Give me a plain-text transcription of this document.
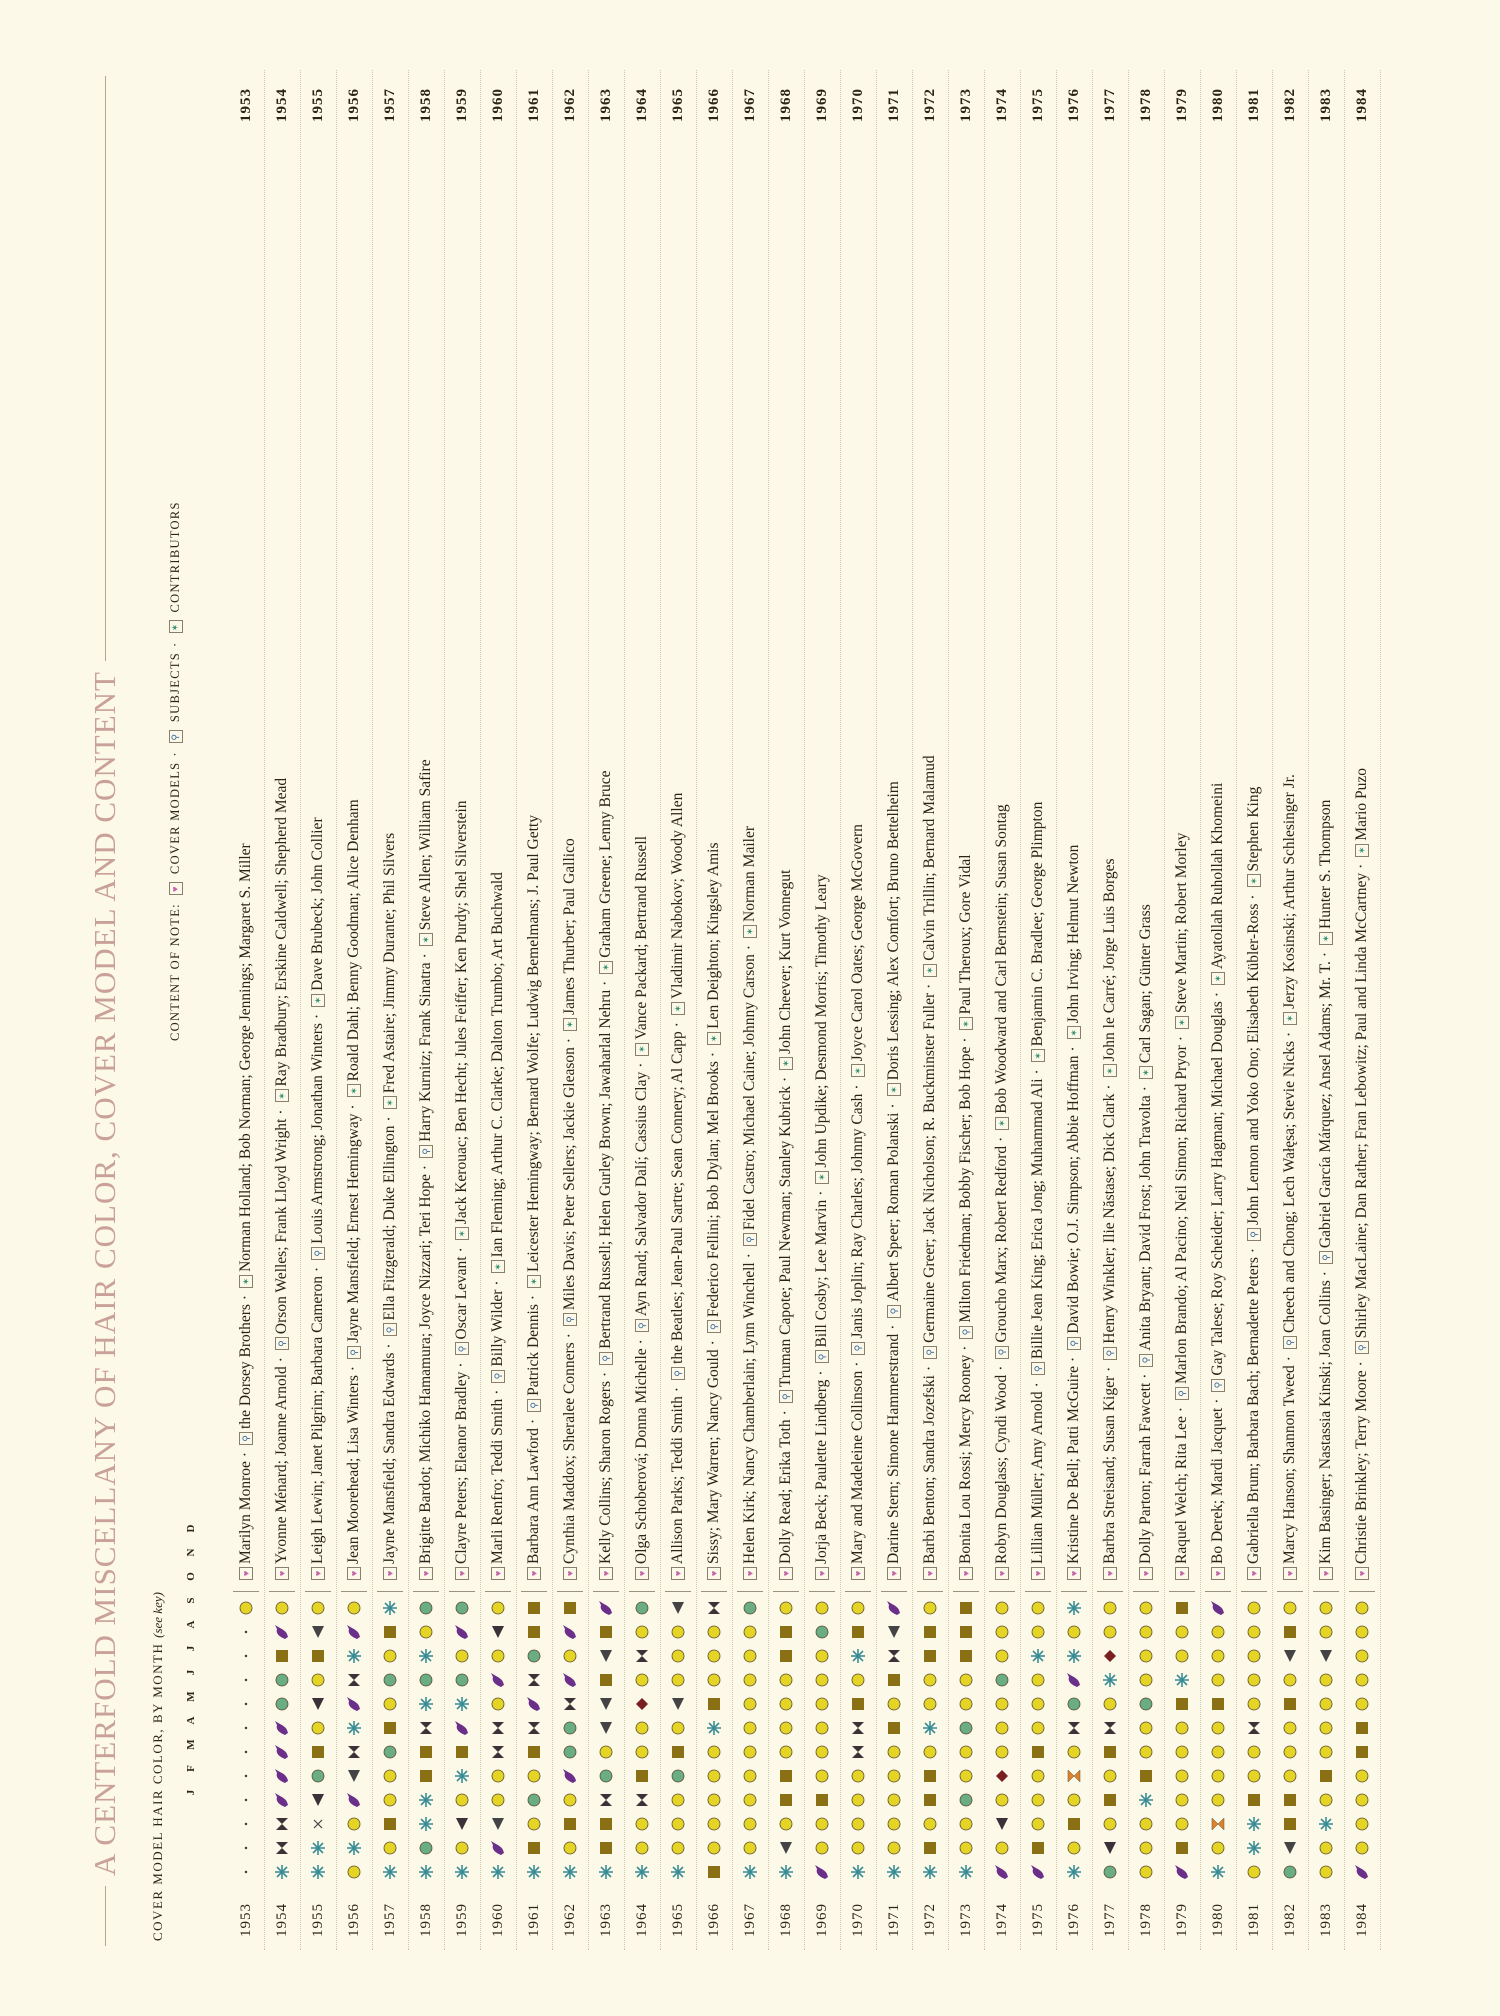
A CENTERFOLD MISCELLANY OF HAIR COLOR, COVER MODEL AND CONTENT COVER MODEL HAIR COLOR, BY MONTH (see key)
CONTENT OF NOTE:
♥
COVER MODELS
·
⚲
SUBJECTS
·
✶
CONTRIBUTORS
J
F
M
A
M
J
J
A
S
O
N
D
1953
♥
Marilyn Monroe
·
⚲
the Dorsey Brothers
·
✶
Norman Holland; Bob Norman; George Jennings; Margaret S. Miller
1953
1954
♥
Yvonne Ménard; Joanne Arnold
·
⚲
Orson Welles; Frank Lloyd Wright
·
✶
Ray Bradbury; Erskine Caldwell; Shepherd Mead
1954
1955
♥
Leigh Lewin; Janet Pilgrim; Barbara Cameron
·
⚲
Louis Armstrong; Jonathan Winters
·
✶
Dave Brubeck; John Collier
1955
1956
♥
Jean Moorehead; Lisa Winters
·
⚲
Jayne Mansfield; Ernest Hemingway
·
✶
Roald Dahl; Benny Goodman; Alice Denham
1956
1957
♥
Jayne Mansfield; Sandra Edwards
·
⚲
Ella Fitzgerald; Duke Ellington
·
✶
Fred Astaire; Jimmy Durante; Phil Silvers
1957
1958
♥
Brigitte Bardot; Michiko Hamamura; Joyce Nizzari; Teri Hope
·
⚲
Harry Kurnitz; Frank Sinatra
·
✶
Steve Allen; William Safire
1958
1959
♥
Clayre Peters; Eleanor Bradley
·
⚲
Oscar Levant
·
✶
Jack Kerouac; Ben Hecht; Jules Feiffer; Ken Purdy; Shel Silverstein
1959
1960
♥
Marli Renfro; Teddi Smith
·
⚲
Billy Wilder
·
✶
Ian Fleming; Arthur C. Clarke; Dalton Trumbo; Art Buchwald
1960
1961
♥
Barbara Ann Lawford
·
⚲
Patrick Dennis
·
✶
Leicester Hemingway; Bernard Wolfe; Ludwig Bemelmans; J. Paul Getty
1961
1962
♥
Cynthia Maddox; Sheralee Conners
·
⚲
Miles Davis; Peter Sellers; Jackie Gleason
·
✶
James Thurber; Paul Gallico
1962
1963
♥
Kelly Collins; Sharon Rogers
·
⚲
Bertrand Russell; Helen Gurley Brown; Jawaharlal Nehru
·
✶
Graham Greene; Lenny Bruce
1963
1964
♥
Olga Schoberová; Donna Michelle
·
⚲
Ayn Rand; Salvador Dalí; Cassius Clay
·
✶
Vance Packard; Bertrand Russell
1964
1965
♥
Allison Parks; Teddi Smith
·
⚲
the Beatles; Jean-Paul Sartre; Sean Connery; Al Capp
·
✶
Vladimir Nabokov; Woody Allen
1965
1966
♥
Sissy; Mary Warren; Nancy Gould
·
⚲
Federico Fellini; Bob Dylan; Mel Brooks
·
✶
Len Deighton; Kingsley Amis
1966
1967
♥
Helen Kirk; Nancy Chamberlain; Lynn Winchell
·
⚲
Fidel Castro; Michael Caine; Johnny Carson
·
✶
Norman Mailer
1967
1968
♥
Dolly Read; Erika Toth
·
⚲
Truman Capote; Paul Newman; Stanley Kubrick
·
✶
John Cheever; Kurt Vonnegut
1968
1969
♥
Jorja Beck; Paulette Lindberg
·
⚲
Bill Cosby; Lee Marvin
·
✶
John Updike; Desmond Morris; Timothy Leary
1969
1970
♥
Mary and Madeleine Collinson
·
⚲
Janis Joplin; Ray Charles; Johnny Cash
·
✶
Joyce Carol Oates; George McGovern
1970
1971
♥
Darine Stern; Simone Hammerstrand
·
⚲
Albert Speer; Roman Polanski
·
✶
Doris Lessing; Alex Comfort; Bruno Bettelheim
1971
1972
♥
Barbi Benton; Sandra Jozefski
·
⚲
Germaine Greer; Jack Nicholson; R. Buckminster Fuller
·
✶
Calvin Trillin; Bernard Malamud
1972
1973
♥
Bonita Lou Rossi; Mercy Rooney
·
⚲
Milton Friedman; Bobby Fischer; Bob Hope
·
✶
Paul Theroux; Gore Vidal
1973
1974
♥
Robyn Douglass; Cyndi Wood
·
⚲
Groucho Marx; Robert Redford
·
✶
Bob Woodward and Carl Bernstein; Susan Sontag
1974
1975
♥
Lillian Müller; Amy Arnold
·
⚲
Billie Jean King; Erica Jong; Muhammad Ali
·
✶
Benjamin C. Bradlee; George Plimpton
1975
1976
♥
Kristine De Bell; Patti McGuire
·
⚲
David Bowie; O.J. Simpson; Abbie Hoffman
·
✶
John Irving; Helmut Newton
1976
1977
♥
Barbra Streisand; Susan Kiger
·
⚲
Henry Winkler; Ilie Năstase; Dick Clark
·
✶
John le Carré; Jorge Luis Borges
1977
1978
♥
Dolly Parton; Farrah Fawcett
·
⚲
Anita Bryant; David Frost; John Travolta
·
✶
Carl Sagan; Günter Grass
1978
1979
♥
Raquel Welch; Rita Lee
·
⚲
Marlon Brando; Al Pacino; Neil Simon; Richard Pryor
·
✶
Steve Martin; Robert Morley
1979
1980
♥
Bo Derek; Mardi Jacquet
·
⚲
Gay Talese; Roy Scheider; Larry Hagman; Michael Douglas
·
✶
Ayatollah Ruhollah Khomeini
1980
1981
♥
Gabriella Brum; Barbara Bach; Bernadette Peters
·
⚲
John Lennon and Yoko Ono; Elisabeth Kübler-Ross
·
✶
Stephen King
1981
1982
♥
Marcy Hanson; Shannon Tweed
·
⚲
Cheech and Chong; Lech Wałęsa; Stevie Nicks
·
✶
Jerzy Kosinski; Arthur Schlesinger Jr.
1982
1983
♥
Kim Basinger; Nastassia Kinski; Joan Collins
·
⚲
Gabriel García Márquez; Ansel Adams; Mr. T.
·
✶
Hunter S. Thompson
1983
1984
♥
Christie Brinkley; Terry Moore
·
⚲
Shirley MacLaine; Dan Rather; Fran Lebowitz; Paul and Linda McCartney
·
✶
Mario Puzo
1984
